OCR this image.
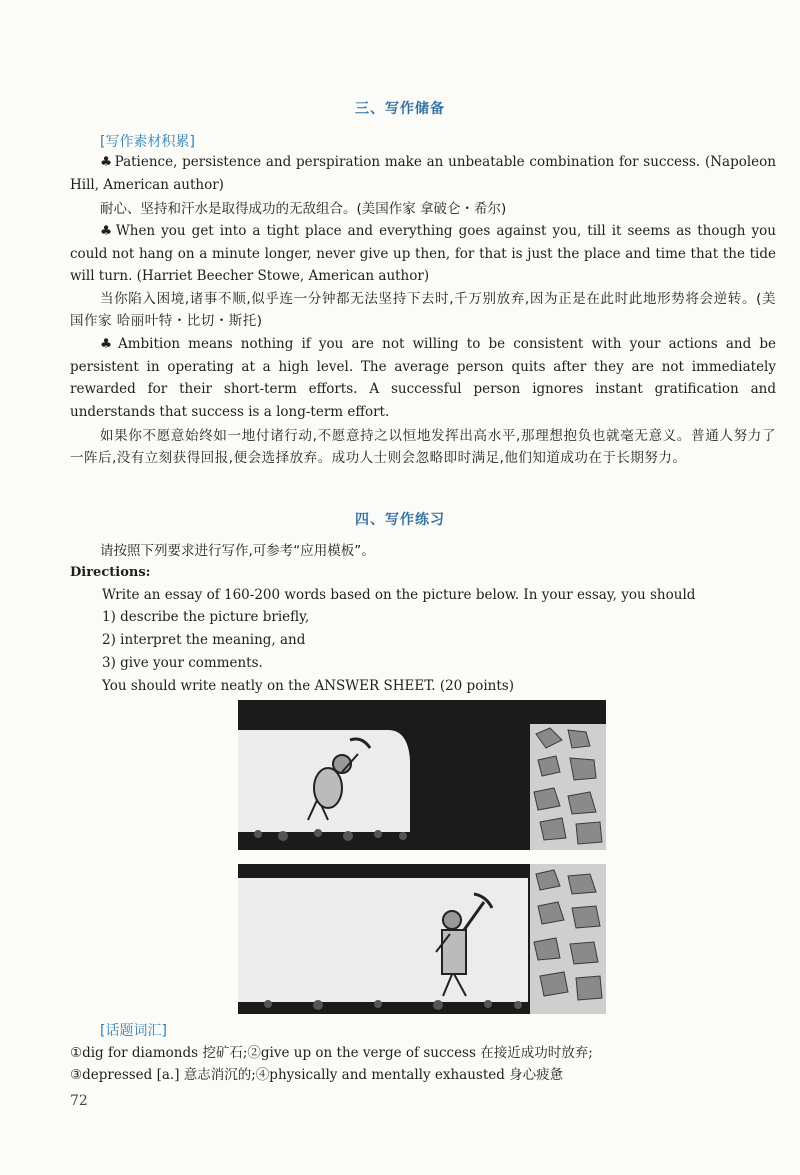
三、写作储备
[写作素材积累]

♣ Patience, persistence and perspiration make an unbeatable combination for success. (Napoleon Hill, American author)

耐心、坚持和汗水是取得成功的无敌组合。(美国作家 拿破仑・希尔)

♣ When you get into a tight place and everything goes against you, till it seems as though you could not hang on a minute longer, never give up then, for that is just the place and time that the tide will turn. (Harriet Beecher Stowe, American author)

当你陷入困境,诸事不顺,似乎连一分钟都无法坚持下去时,千万别放弃,因为正是在此时此地形势将会逆转。(美国作家 哈丽叶特・比切・斯托)

♣ Ambition means nothing if you are not willing to be consistent with your actions and be persistent in operating at a high level. The average person quits after they are not immediately rewarded for their short-term efforts. A successful person ignores instant gratification and understands that success is a long-term effort.

如果你不愿意始终如一地付诸行动,不愿意持之以恒地发挥出高水平,那理想抱负也就毫无意义。普通人努力了一阵后,没有立刻获得回报,便会选择放弃。成功人士则会忽略即时满足,他们知道成功在于长期努力。

四、写作练习
请按照下列要求进行写作,可参考“应用模板”。
Directions:
Write an essay of 160-200 words based on the picture below. In your essay, you should
1) describe the picture briefly,
2) interpret the meaning, and
3) give your comments.
You should write neatly on the ANSWER SHEET. (20 points)
[话题词汇]
①dig for diamonds 挖矿石;②give up on the verge of success 在接近成功时放弃;
③depressed [a.] 意志消沉的;④physically and mentally exhausted 身心疲惫
72
